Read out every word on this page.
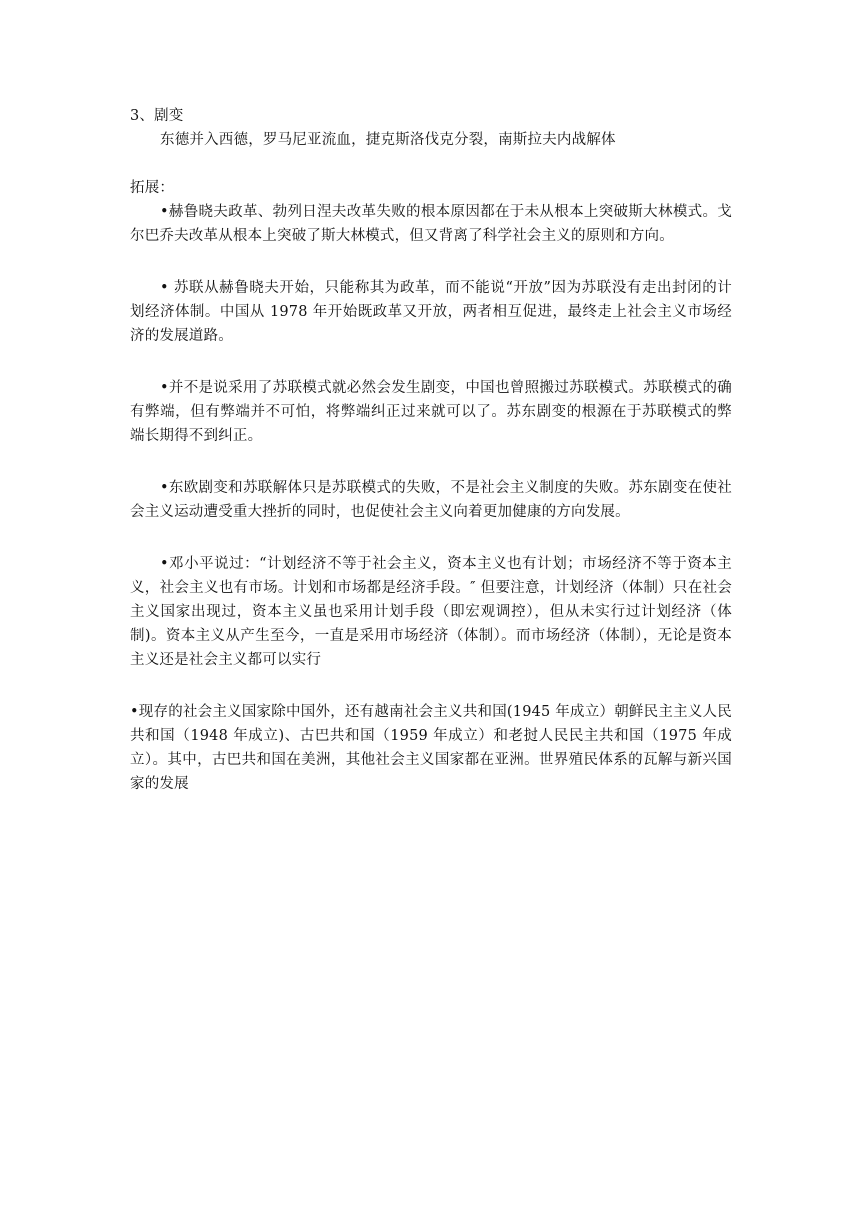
3、剧变

东德并入西德，罗马尼亚流血，捷克斯洛伐克分裂，南斯拉夫内战解体

拓展：

•赫鲁晓夫政革、勃列日涅夫改革失败的根本原因都在于未从根本上突破斯大林模式。戈尔巴乔夫改革从根本上突破了斯大林模式，但又背离了科学社会主义的原则和方向。

• 苏联从赫鲁晓夫开始，只能称其为政革，而不能说“开放”因为苏联没有走出封闭的计划经济体制。中国从 1978 年开始既政革又开放，两者相互促进，最终走上社会主义市场经济的发展道路。

•并不是说采用了苏联模式就必然会发生剧变，中国也曾照搬过苏联模式。苏联模式的确有弊端，但有弊端并不可怕，将弊端纠正过来就可以了。苏东剧变的根源在于苏联模式的弊端长期得不到纠正。

•东欧剧变和苏联解体只是苏联模式的失败，不是社会主义制度的失败。苏东剧变在使社会主义运动遭受重大挫折的同时，也促使社会主义向着更加健康的方向发展。

•邓小平说过：“计划经济不等于社会主义，资本主义也有计划；市场经济不等于资本主义，社会主义也有市场。计划和市场都是经济手段。″ 但要注意，计划经济（体制）只在社会主义国家出现过，资本主义虽也采用计划手段（即宏观调控），但从未实行过计划经济（体制)。资本主义从产生至今，一直是采用市场经济（体制）。而市场经济（体制），无论是资本主义还是社会主义都可以实行

•现存的社会主义国家除中国外，还有越南社会主义共和国(1945 年成立）朝鲜民主主义人民共和国（1948 年成立)、古巴共和国（1959 年成立）和老挝人民民主共和国（1975 年成立）。其中，古巴共和国在美洲，其他社会主义国家都在亚洲。世界殖民体系的瓦解与新兴国家的发展
